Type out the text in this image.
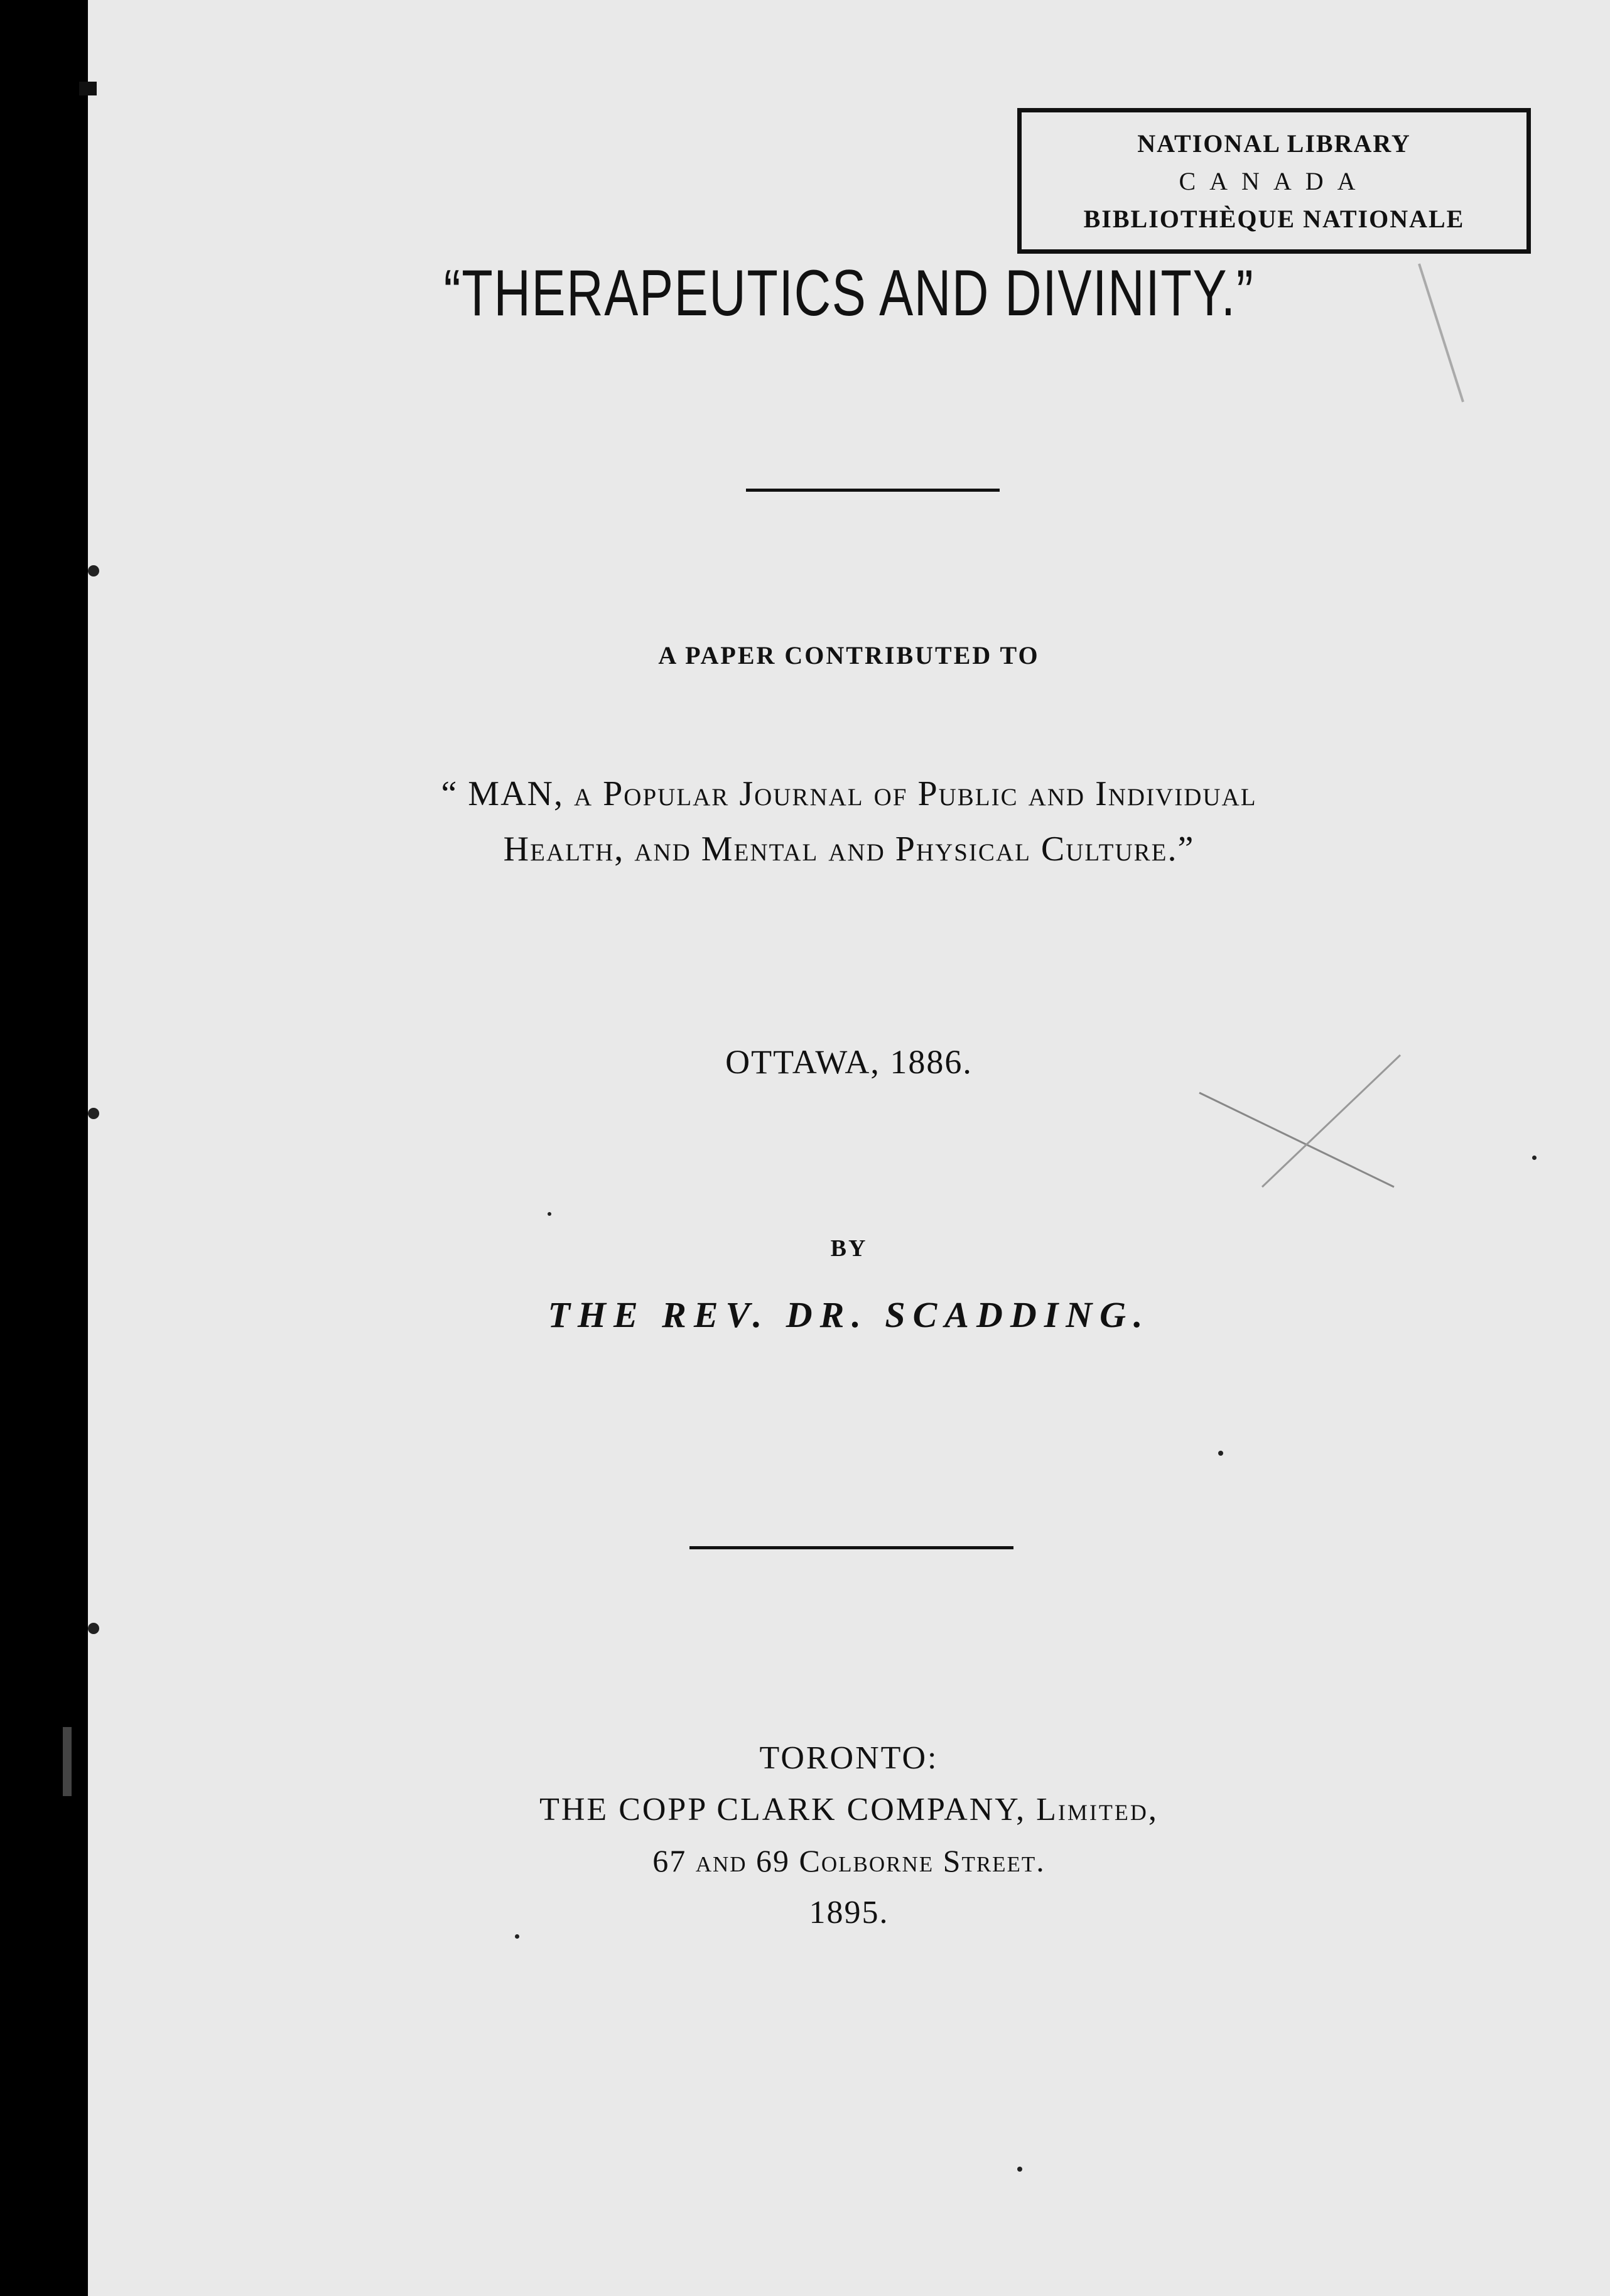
NATIONAL LIBRARY
CANADA
BIBLIOTHÈQUE NATIONALE
“THERAPEUTICS AND DIVINITY.”
A PAPER CONTRIBUTED TO
“ MAN, a Popular Journal of Public and Individual
Health, and Mental and Physical Culture.”
OTTAWA, 1886.
BY
THE REV. DR. SCADDING.
TORONTO:
THE COPP CLARK COMPANY, Limited,
67 and 69 Colborne Street.
1895.
